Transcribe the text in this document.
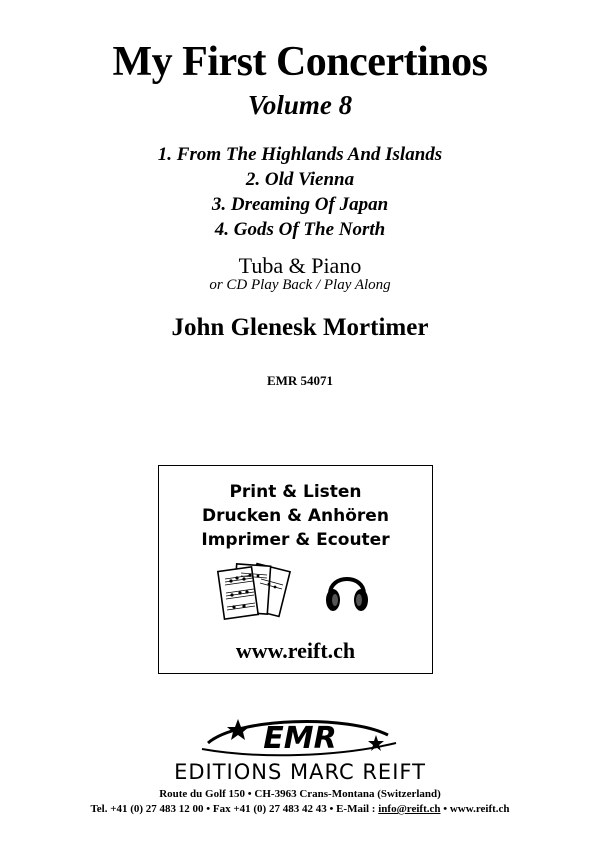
My First Concertinos
Volume 8
1. From The Highlands And Islands
2. Old Vienna
3. Dreaming Of Japan
4. Gods Of The North
Tuba & Piano
or CD Play Back / Play Along
John Glenesk Mortimer
EMR 54071
Print & Listen
Drucken & Anhören
Imprimer & Ecouter
www.reift.ch
EMR
EDITIONS MARC REIFT
Route du Golf 150 • CH-3963 Crans-Montana (Switzerland)
Tel. +41 (0) 27 483 12 00 • Fax +41 (0) 27 483 42 43 • E-Mail : info@reift.ch • www.reift.ch
